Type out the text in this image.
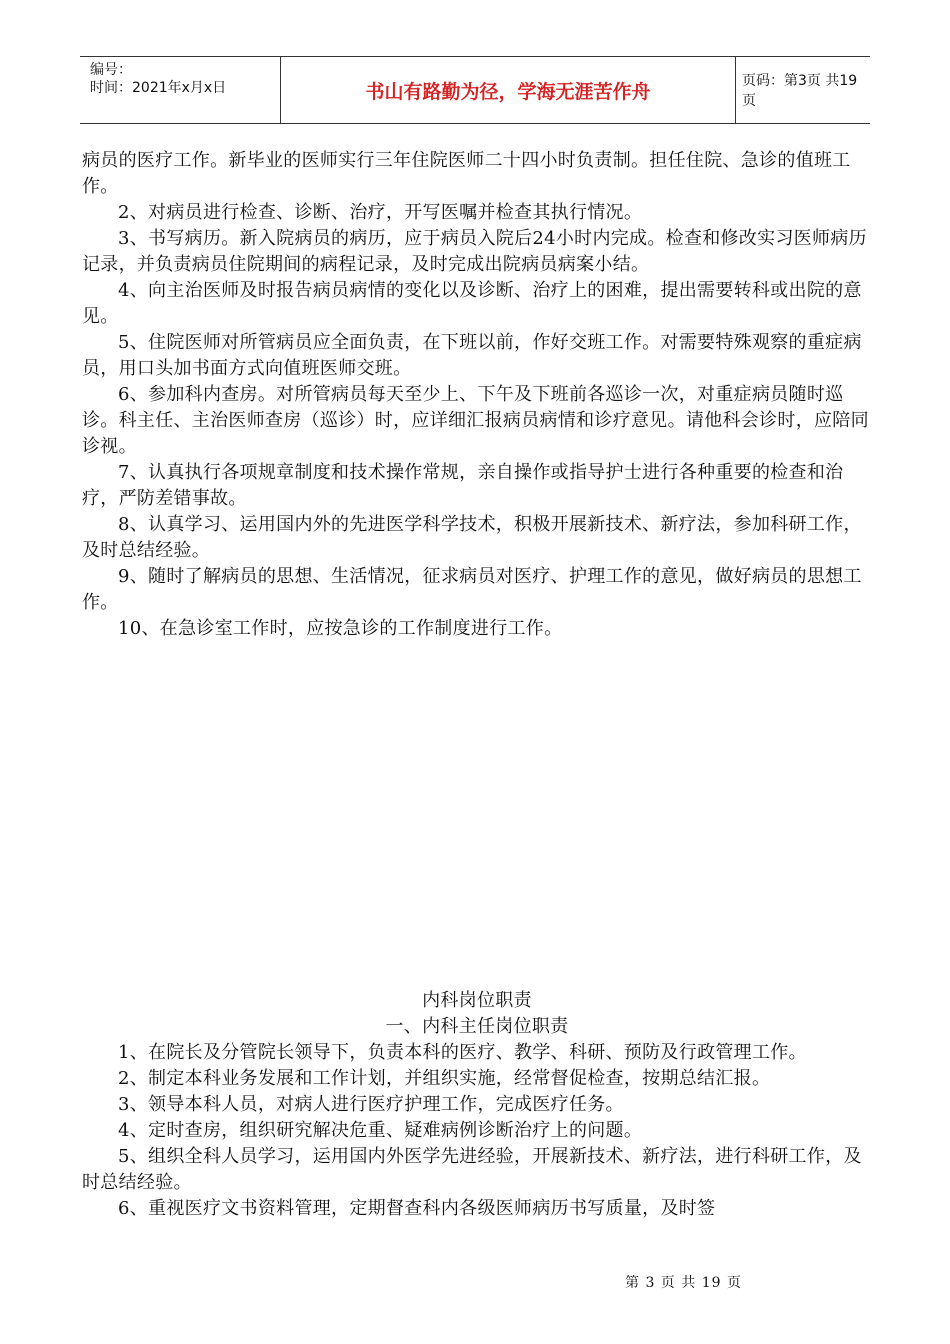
编号：
时间：2021年x月x日	书山有路勤为径，学海无涯苦作舟	页码：第3页 共19页

病员的医疗工作。新毕业的医师实行三年住院医师二十四小时负责制。担任住院、急诊的值班工作。

2、对病员进行检查、诊断、治疗，开写医嘱并检查其执行情况。

3、书写病历。新入院病员的病历，应于病员入院后24小时内完成。检查和修改实习医师病历记录，并负责病员住院期间的病程记录，及时完成出院病员病案小结。

4、向主治医师及时报告病员病情的变化以及诊断、治疗上的困难，提出需要转科或出院的意见。

5、住院医师对所管病员应全面负责，在下班以前，作好交班工作。对需要特殊观察的重症病员，用口头加书面方式向值班医师交班。

6、参加科内查房。对所管病员每天至少上、下午及下班前各巡诊一次，对重症病员随时巡诊。科主任、主治医师查房（巡诊）时，应详细汇报病员病情和诊疗意见。请他科会诊时，应陪同诊视。

7、认真执行各项规章制度和技术操作常规，亲自操作或指导护士进行各种重要的检查和治疗，严防差错事故。

8、认真学习、运用国内外的先进医学科学技术，积极开展新技术、新疗法，参加科研工作，及时总结经验。

9、随时了解病员的思想、生活情况，征求病员对医疗、护理工作的意见，做好病员的思想工作。

10、在急诊室工作时，应按急诊的工作制度进行工作。

内科岗位职责

一、内科主任岗位职责

1、在院长及分管院长领导下，负责本科的医疗、教学、科研、预防及行政管理工作。

2、制定本科业务发展和工作计划，并组织实施，经常督促检查，按期总结汇报。

3、领导本科人员，对病人进行医疗护理工作，完成医疗任务。

4、定时查房，组织研究解决危重、疑难病例诊断治疗上的问题。

5、组织全科人员学习，运用国内外医学先进经验，开展新技术、新疗法，进行科研工作，及时总结经验。

6、重视医疗文书资料管理，定期督查科内各级医师病历书写质量，及时签

第 3 页 共 19 页
